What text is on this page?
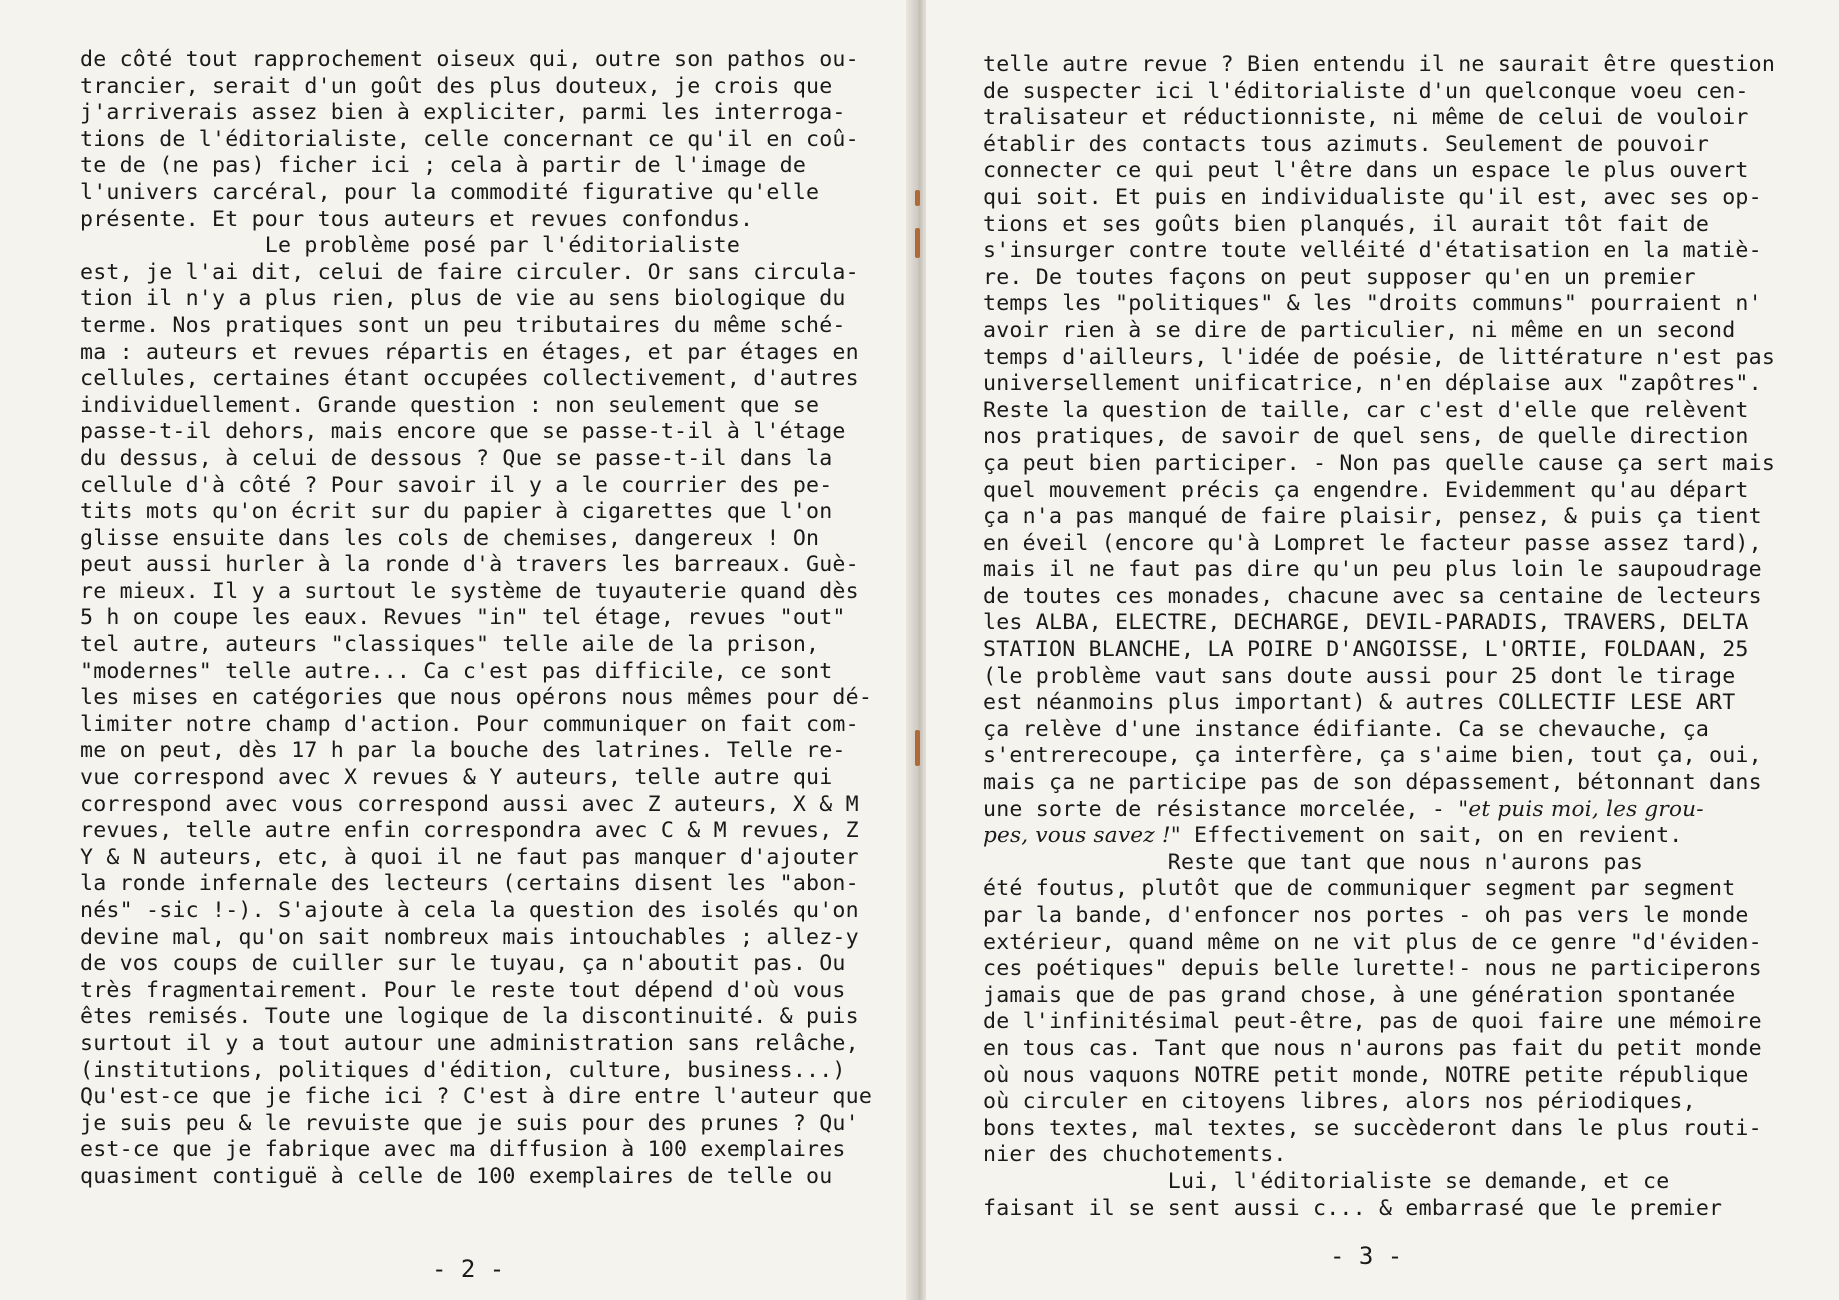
de côté tout rapprochement oiseux qui, outre son pathos ou-
trancier, serait d'un goût des plus douteux, je crois que
j'arriverais assez bien à expliciter, parmi les interroga-
tions de l'éditorialiste, celle concernant ce qu'il en coû-
te de (ne pas) ficher ici ; cela à partir de l'image de
l'univers carcéral, pour la commodité figurative qu'elle
présente. Et pour tous auteurs et revues confondus.
Le problème posé par l'éditorialiste
est, je l'ai dit, celui de faire circuler. Or sans circula-
tion il n'y a plus rien, plus de vie au sens biologique du
terme. Nos pratiques sont un peu tributaires du même sché-
ma : auteurs et revues répartis en étages, et par étages en
cellules, certaines étant occupées collectivement, d'autres
individuellement. Grande question : non seulement que se
passe-t-il dehors, mais encore que se passe-t-il à l'étage
du dessus, à celui de dessous ? Que se passe-t-il dans la
cellule d'à côté ? Pour savoir il y a le courrier des pe-
tits mots qu'on écrit sur du papier à cigarettes que l'on
glisse ensuite dans les cols de chemises, dangereux ! On
peut aussi hurler à la ronde d'à travers les barreaux. Guè-
re mieux. Il y a surtout le système de tuyauterie quand dès
5 h on coupe les eaux. Revues "in" tel étage, revues "out"
tel autre, auteurs "classiques" telle aile de la prison,
"modernes" telle autre... Ca c'est pas difficile, ce sont
les mises en catégories que nous opérons nous mêmes pour dé-
limiter notre champ d'action. Pour communiquer on fait com-
me on peut, dès 17 h par la bouche des latrines. Telle re-
vue correspond avec X revues & Y auteurs, telle autre qui
correspond avec vous correspond aussi avec Z auteurs, X & M
revues, telle autre enfin correspondra avec C & M revues, Z
Y & N auteurs, etc, à quoi il ne faut pas manquer d'ajouter
la ronde infernale des lecteurs (certains disent les "abon-
nés" -sic !-). S'ajoute à cela la question des isolés qu'on
devine mal, qu'on sait nombreux mais intouchables ; allez-y
de vos coups de cuiller sur le tuyau, ça n'aboutit pas. Ou
très fragmentairement. Pour le reste tout dépend d'où vous
êtes remisés. Toute une logique de la discontinuité. & puis
surtout il y a tout autour une administration sans relâche,
(institutions, politiques d'édition, culture, business...)
Qu'est-ce que je fiche ici ? C'est à dire entre l'auteur que
je suis peu & le revuiste que je suis pour des prunes ? Qu'
est-ce que je fabrique avec ma diffusion à 100 exemplaires
quasiment contiguë à celle de 100 exemplaires de telle ou
- 2 -
telle autre revue ? Bien entendu il ne saurait être question
de suspecter ici l'éditorialiste d'un quelconque voeu cen-
tralisateur et réductionniste, ni même de celui de vouloir
établir des contacts tous azimuts. Seulement de pouvoir
connecter ce qui peut l'être dans un espace le plus ouvert
qui soit. Et puis en individualiste qu'il est, avec ses op-
tions et ses goûts bien planqués, il aurait tôt fait de
s'insurger contre toute velléité d'étatisation en la matiè-
re. De toutes façons on peut supposer qu'en un premier
temps les "politiques" & les "droits communs" pourraient n'
avoir rien à se dire de particulier, ni même en un second
temps d'ailleurs, l'idée de poésie, de littérature n'est pas
universellement unificatrice, n'en déplaise aux "zapôtres".
Reste la question de taille, car c'est d'elle que relèvent
nos pratiques, de savoir de quel sens, de quelle direction
ça peut bien participer. - Non pas quelle cause ça sert mais
quel mouvement précis ça engendre. Evidemment qu'au départ
ça n'a pas manqué de faire plaisir, pensez, & puis ça tient
en éveil (encore qu'à Lompret le facteur passe assez tard),
mais il ne faut pas dire qu'un peu plus loin le saupoudrage
de toutes ces monades, chacune avec sa centaine de lecteurs
les ALBA, ELECTRE, DECHARGE, DEVIL-PARADIS, TRAVERS, DELTA
STATION BLANCHE, LA POIRE D'ANGOISSE, L'ORTIE, FOLDAAN, 25
(le problème vaut sans doute aussi pour 25 dont le tirage
est néanmoins plus important) & autres COLLECTIF LESE ART
ça relève d'une instance édifiante. Ca se chevauche, ça
s'entrerecoupe, ça interfère, ça s'aime bien, tout ça, oui,
mais ça ne participe pas de son dépassement, bétonnant dans
une sorte de résistance morcelée, - "et puis moi, les grou-
pes, vous savez !" Effectivement on sait, on en revient.
Reste que tant que nous n'aurons pas
été foutus, plutôt que de communiquer segment par segment
par la bande, d'enfoncer nos portes - oh pas vers le monde
extérieur, quand même on ne vit plus de ce genre "d'éviden-
ces poétiques" depuis belle lurette!- nous ne participerons
jamais que de pas grand chose, à une génération spontanée
de l'infinitésimal peut-être, pas de quoi faire une mémoire
en tous cas. Tant que nous n'aurons pas fait du petit monde
où nous vaquons NOTRE petit monde, NOTRE petite république
où circuler en citoyens libres, alors nos périodiques,
bons textes, mal textes, se succèderont dans le plus routi-
nier des chuchotements.
Lui, l'éditorialiste se demande, et ce
faisant il se sent aussi c... & embarrasé que le premier
- 3 -
